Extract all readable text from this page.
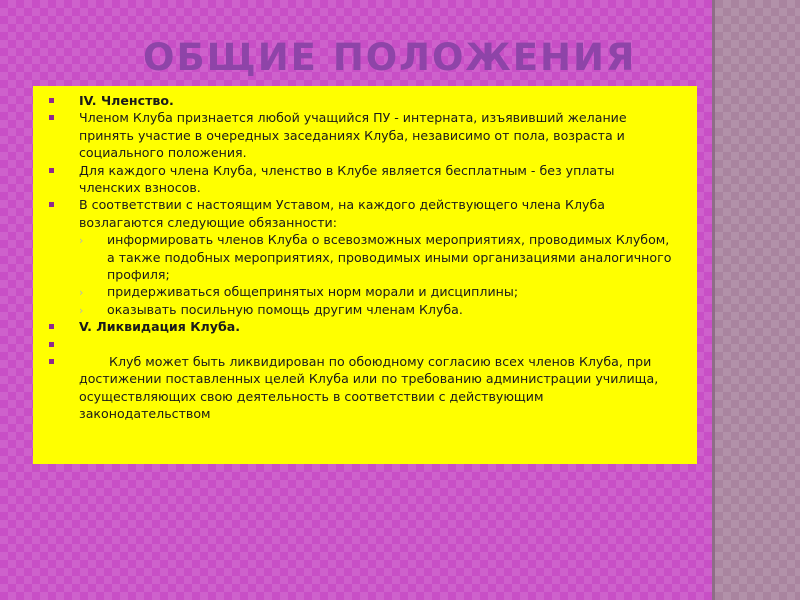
ОБЩИЕ ПОЛОЖЕНИЯ
IV. Членство.
Членом Клуба признается любой учащийся ПУ - интерната, изъявивший желание принять участие в очередных заседаниях Клуба, независимо от пола, возраста и социального положения.
Для каждого члена Клуба, членство в Клубе является бесплатным - без уплаты членских взносов.
В соответствии с настоящим Уставом, на каждого действующего члена Клуба возлагаются следующие обязанности:
› информировать членов Клуба о всевозможных мероприятиях, проводимых Клубом, а также подобных мероприятиях, проводимых иными организациями аналогичного профиля;
› придерживаться общепринятых норм морали и дисциплины;
› оказывать посильную помощь другим членам Клуба.
V. Ликвидация Клуба.
Клуб может быть ликвидирован по обоюдному согласию всех членов Клуба, при достижении поставленных целей Клуба или по требованию администрации училища, осуществляющих свою деятельность в соответствии с действующим законодательством
